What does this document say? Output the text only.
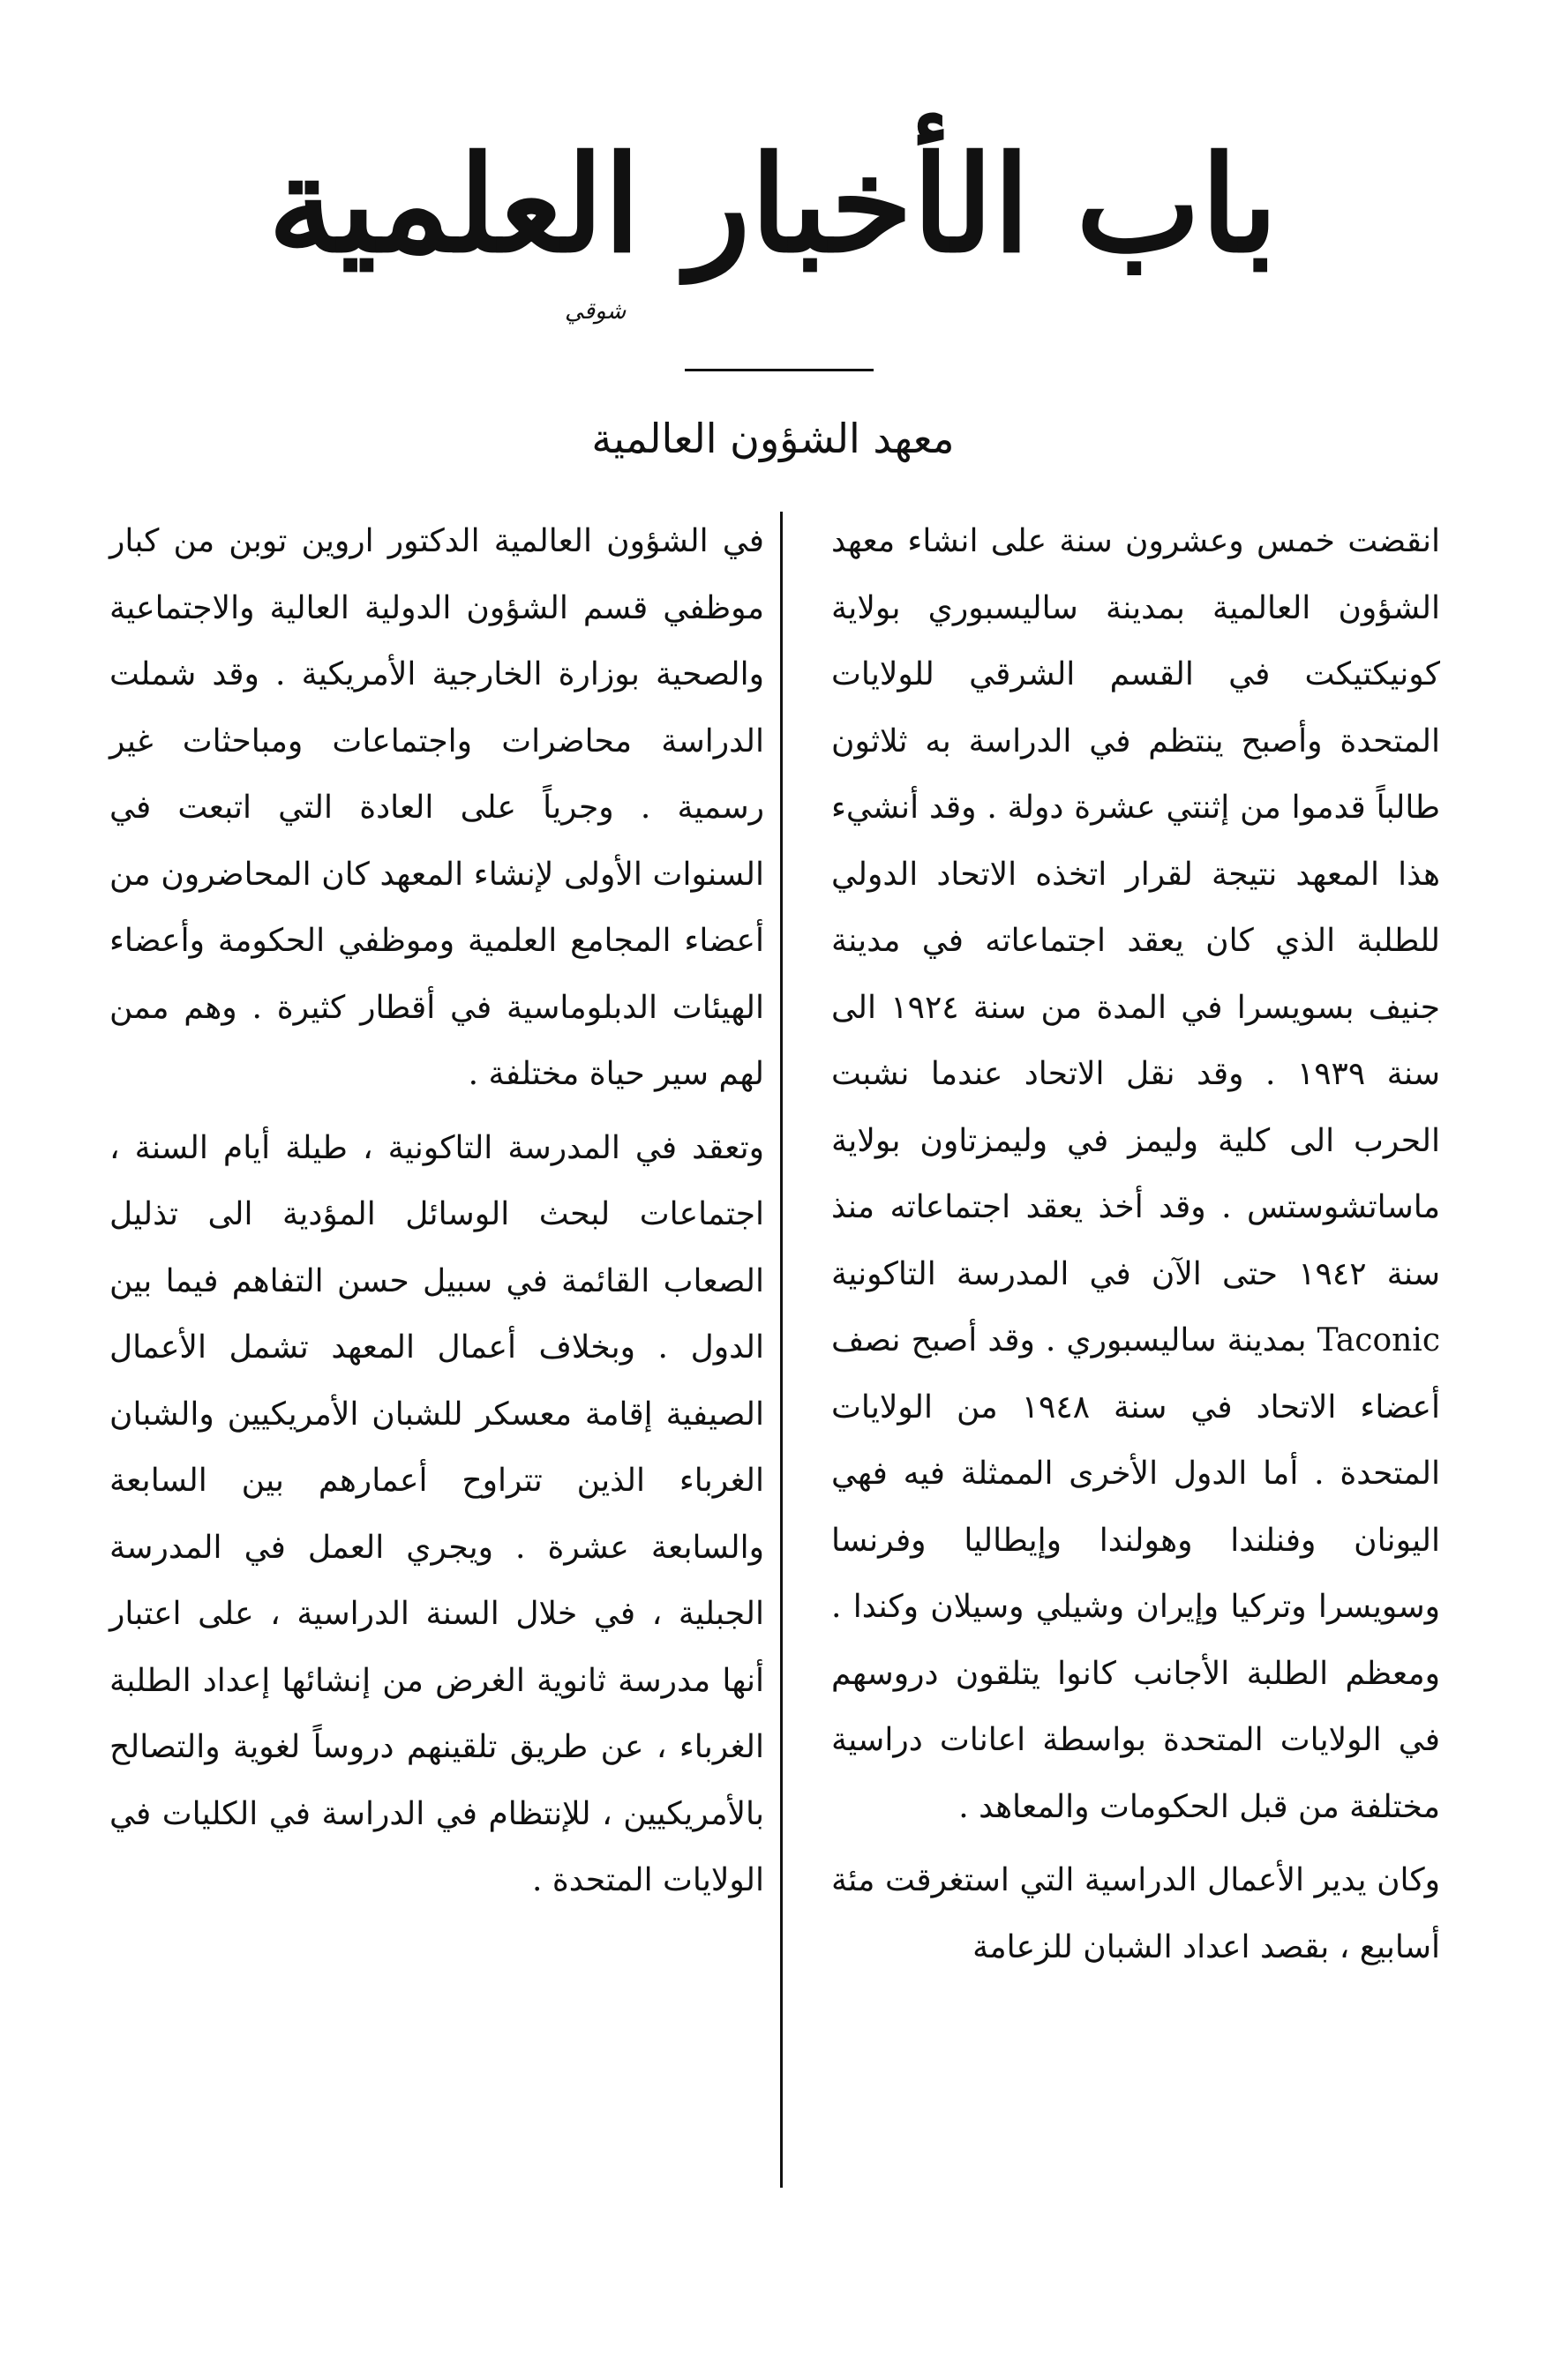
باب الأخبار العلمية
شوقي
معهد الشؤون العالمية

انقضت خمس وعشرون سنة على انشاء معهد الشؤون العالمية بمدينة ساليسبوري بولاية كونيكتيكت في القسم الشرقي للولايات المتحدة وأصبح ينتظم في الدراسة به ثلاثون طالباً قدموا من إثنتي عشرة دولة . وقد أنشيء هذا المعهد نتيجة لقرار اتخذه الاتحاد الدولي للطلبة الذي كان يعقد اجتماعاته في مدينة جنيف بسويسرا في المدة من سنة ١٩٢٤ الى سنة ١٩٣٩ . وقد نقل الاتحاد عندما نشبت الحرب الى كلية وليمز في وليمزتاون بولاية ماساتشوستس . وقد أخذ يعقد اجتماعاته منذ سنة ١٩٤٢ حتى الآن في المدرسة التاكونية Taconic بمدينة ساليسبوري . وقد أصبح نصف أعضاء الاتحاد في سنة ١٩٤٨ من الولايات المتحدة . أما الدول الأخرى الممثلة فيه فهي اليونان وفنلندا وهولندا وإيطاليا وفرنسا وسويسرا وتركيا وإيران وشيلي وسيلان وكندا . ومعظم الطلبة الأجانب كانوا يتلقون دروسهم في الولايات المتحدة بواسطة اعانات دراسية مختلفة من قبل الحكومات والمعاهد .

وكان يدير الأعمال الدراسية التي استغرقت مئة أسابيع ، بقصد اعداد الشبان للزعامة

في الشؤون العالمية الدكتور اروين توبن من كبار موظفي قسم الشؤون الدولية العالية والاجتماعية والصحية بوزارة الخارجية الأمريكية . وقد شملت الدراسة محاضرات واجتماعات ومباحثات غير رسمية . وجرياً على العادة التي اتبعت في السنوات الأولى لإنشاء المعهد كان المحاضرون من أعضاء المجامع العلمية وموظفي الحكومة وأعضاء الهيئات الدبلوماسية في أقطار كثيرة . وهم ممن لهم سير حياة مختلفة .

وتعقد في المدرسة التاكونية ، طيلة أيام السنة ، اجتماعات لبحث الوسائل المؤدية الى تذليل الصعاب القائمة في سبيل حسن التفاهم فيما بين الدول . وبخلاف أعمال المعهد تشمل الأعمال الصيفية إقامة معسكر للشبان الأمريكيين والشبان الغرباء الذين تتراوح أعمارهم بين السابعة والسابعة عشرة . ويجري العمل في المدرسة الجبلية ، في خلال السنة الدراسية ، على اعتبار أنها مدرسة ثانوية الغرض من إنشائها إعداد الطلبة الغرباء ، عن طريق تلقينهم دروساً لغوية والتصالح بالأمريكيين ، للإنتظام في الدراسة في الكليات في الولايات المتحدة .
